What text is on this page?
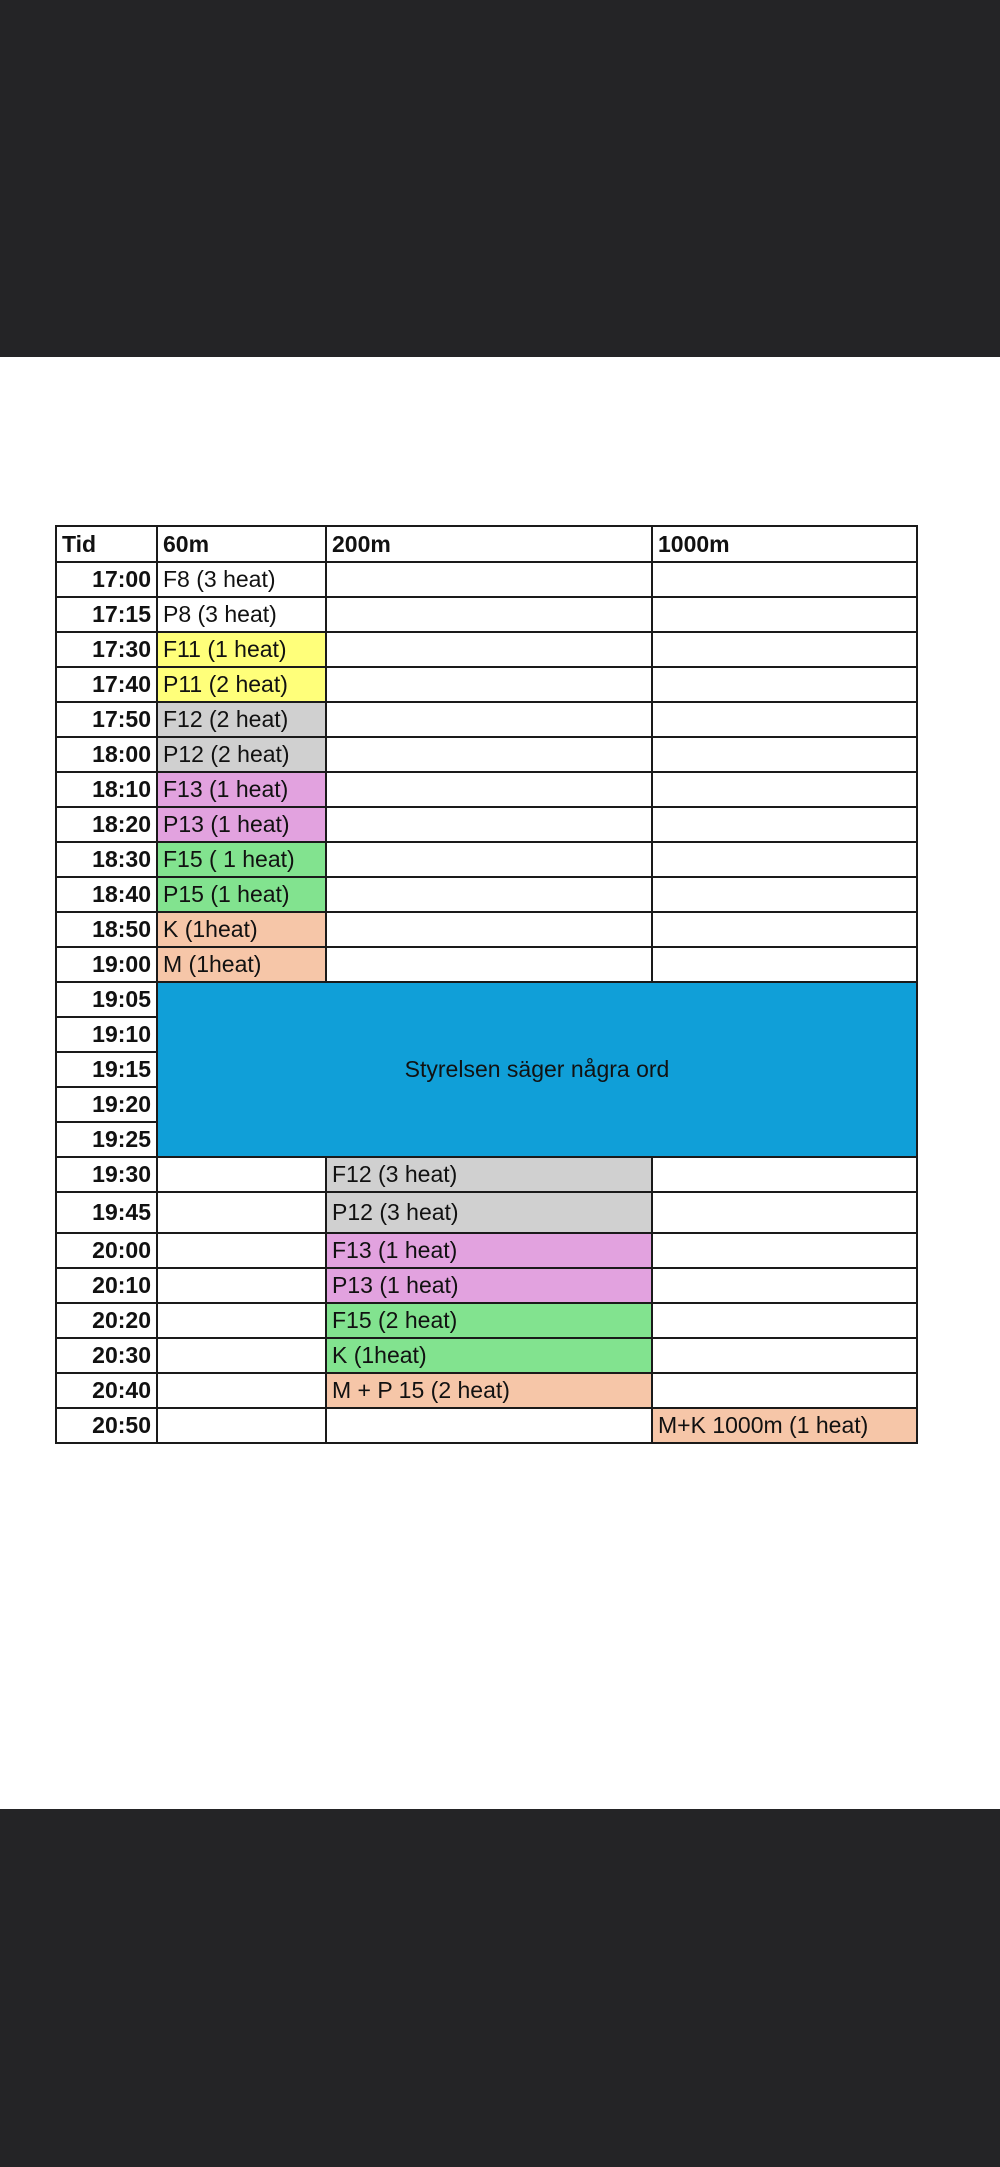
Tid	60m	200m	1000m
17:00	F8 (3 heat)		
17:15	P8 (3 heat)		
17:30	F11 (1 heat)		
17:40	P11 (2 heat)		
17:50	F12 (2 heat)		
18:00	P12 (2 heat)		
18:10	F13 (1 heat)		
18:20	P13 (1 heat)		
18:30	F15 ( 1 heat)		
18:40	P15 (1 heat)		
18:50	K (1heat)		
19:00	M (1heat)		
19:05	Styrelsen säger några ord		
19:10			
19:15			
19:20			
19:25			
19:30		F12 (3 heat)	
19:45		P12 (3 heat)	
20:00		F13 (1 heat)	
20:10		P13 (1 heat)	
20:20		F15 (2 heat)	
20:30		K (1heat)	
20:40		M + P 15 (2 heat)	
20:50			M+K 1000m (1 heat)
